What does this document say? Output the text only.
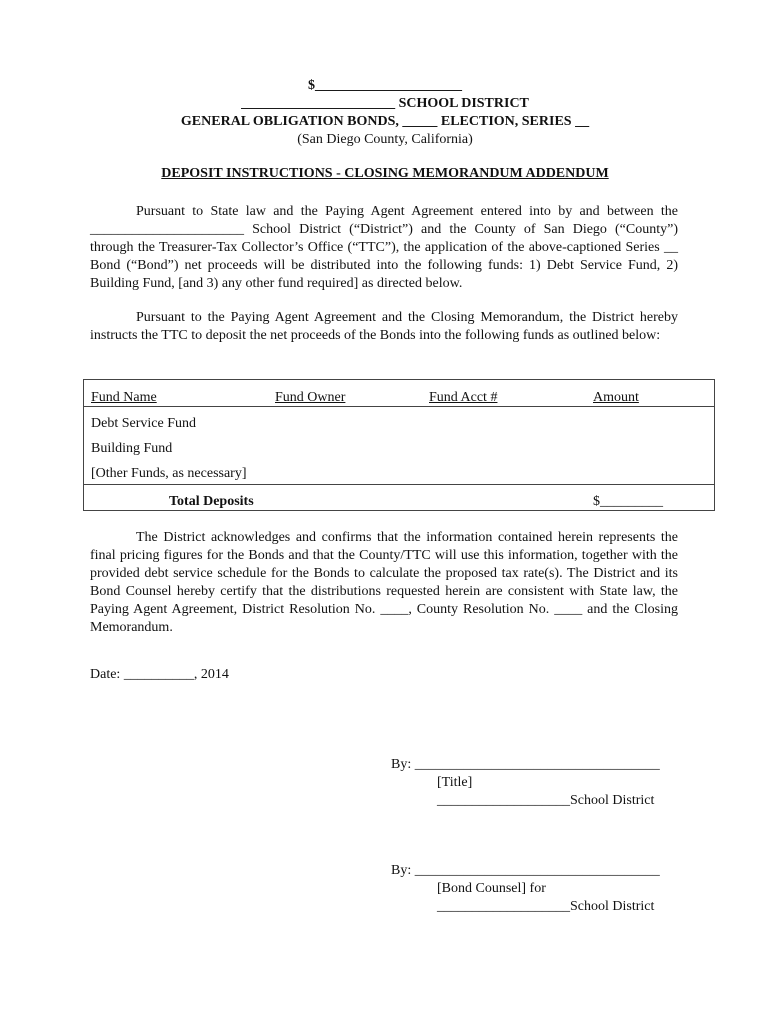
$_____________________
______________________ SCHOOL DISTRICT
GENERAL OBLIGATION BONDS, _____ ELECTION, SERIES __
(San Diego County, California)
DEPOSIT INSTRUCTIONS - CLOSING MEMORANDUM ADDENDUM
Pursuant to State law and the Paying Agent Agreement entered into by and between the ______________________ School District (“District”) and the County of San Diego (“County”) through the Treasurer-Tax Collector’s Office (“TTC”), the application of the above-captioned Series __ Bond (“Bond”) net proceeds will be distributed into the following funds: 1) Debt Service Fund, 2) Building Fund, [and 3) any other fund required] as directed below.
Pursuant to the Paying Agent Agreement and the Closing Memorandum, the District hereby instructs the TTC to deposit the net proceeds of the Bonds into the following funds as outlined below:
Fund Name	Fund Owner	Fund Acct #	Amount
Debt Service Fund			
Building Fund			
[Other Funds, as necessary]			
Total Deposits			$_________
The District acknowledges and confirms that the information contained herein represents the final pricing figures for the Bonds and that the County/TTC will use this information, together with the provided debt service schedule for the Bonds to calculate the proposed tax rate(s). The District and its Bond Counsel hereby certify that the distributions requested herein are consistent with State law, the Paying Agent Agreement, District Resolution No. ____, County Resolution No. ____ and the Closing Memorandum.
Date: __________, 2014
By: ___________________________________
[Title]
___________________School District
By: ___________________________________
[Bond Counsel] for
___________________School District
